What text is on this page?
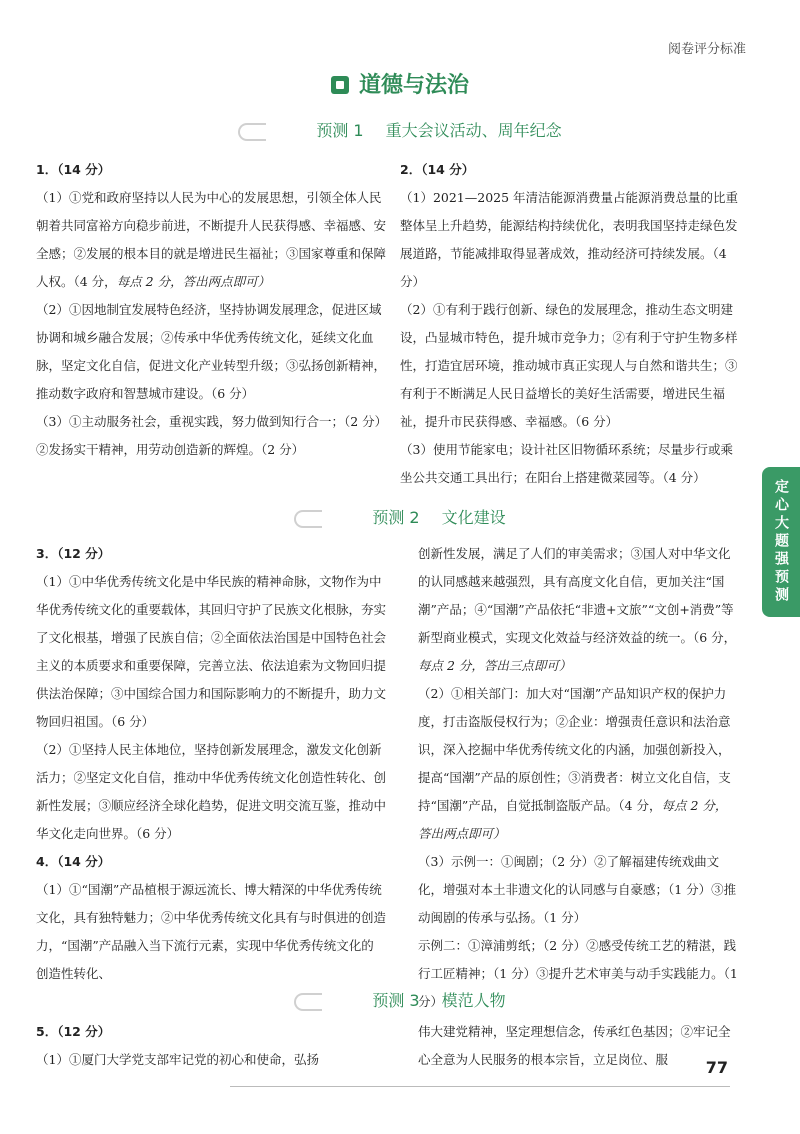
阅卷评分标准
道德与法治
预测 1 重大会议活动、周年纪念

1．（14 分）

（1）①党和政府坚持以人民为中心的发展思想，引领全体人民朝着共同富裕方向稳步前进，不断提升人民获得感、幸福感、安全感；②发展的根本目的就是增进民生福祉；③国家尊重和保障人权。（4 分，每点 2 分，答出两点即可）

（2）①因地制宜发展特色经济，坚持协调发展理念，促进区域协调和城乡融合发展；②传承中华优秀传统文化，延续文化血脉，坚定文化自信，促进文化产业转型升级；③弘扬创新精神，推动数字政府和智慧城市建设。（6 分）

（3）①主动服务社会，重视实践，努力做到知行合一；（2 分）②发扬实干精神，用劳动创造新的辉煌。（2 分）

2．（14 分）

（1）2021—2025 年清洁能源消费量占能源消费总量的比重整体呈上升趋势，能源结构持续优化，表明我国坚持走绿色发展道路，节能减排取得显著成效，推动经济可持续发展。（4 分）

（2）①有利于践行创新、绿色的发展理念，推动生态文明建设，凸显城市特色，提升城市竞争力；②有利于守护生物多样性，打造宜居环境，推动城市真正实现人与自然和谐共生；③有利于不断满足人民日益增长的美好生活需要，增进民生福祉，提升市民获得感、幸福感。（6 分）

（3）使用节能家电；设计社区旧物循环系统；尽量步行或乘坐公共交通工具出行；在阳台上搭建微菜园等。（4 分）

预测 2 文化建设

3．（12 分）

（1）①中华优秀传统文化是中华民族的精神命脉，文物作为中华优秀传统文化的重要载体，其回归守护了民族文化根脉，夯实了文化根基，增强了民族自信；②全面依法治国是中国特色社会主义的本质要求和重要保障，完善立法、依法追索为文物回归提供法治保障；③中国综合国力和国际影响力的不断提升，助力文物回归祖国。（6 分）

（2）①坚持人民主体地位，坚持创新发展理念，激发文化创新活力；②坚定文化自信，推动中华优秀传统文化创造性转化、创新性发展；③顺应经济全球化趋势，促进文明交流互鉴，推动中华文化走向世界。（6 分）

4．（14 分）

（1）①“国潮”产品植根于源远流长、博大精深的中华优秀传统文化，具有独特魅力；②中华优秀传统文化具有与时俱进的创造力，“国潮”产品融入当下流行元素，实现中华优秀传统文化的创造性转化、

创新性发展，满足了人们的审美需求；③国人对中华文化的认同感越来越强烈，具有高度文化自信，更加关注“国潮”产品；④“国潮”产品依托“非遗+文旅”“文创+消费”等新型商业模式，实现文化效益与经济效益的统一。（6 分，每点 2 分，答出三点即可）

（2）①相关部门：加大对“国潮”产品知识产权的保护力度，打击盗版侵权行为；②企业：增强责任意识和法治意识，深入挖掘中华优秀传统文化的内涵，加强创新投入，提高“国潮”产品的原创性；③消费者：树立文化自信，支持“国潮”产品，自觉抵制盗版产品。（4 分，每点 2 分，答出两点即可）

（3）示例一：①闽剧；（2 分）②了解福建传统戏曲文化，增强对本土非遗文化的认同感与自豪感；（1 分）③推动闽剧的传承与弘扬。（1 分）

示例二：①漳浦剪纸；（2 分）②感受传统工艺的精湛，践行工匠精神；（1 分）③提升艺术审美与动手实践能力。（1 分）

预测 3 模范人物

5．（12 分）

（1）①厦门大学党支部牢记党的初心和使命，弘扬

伟大建党精神，坚定理想信念，传承红色基因；②牢记全心全意为人民服务的根本宗旨，立足岗位、服

定心大题强预测
77
